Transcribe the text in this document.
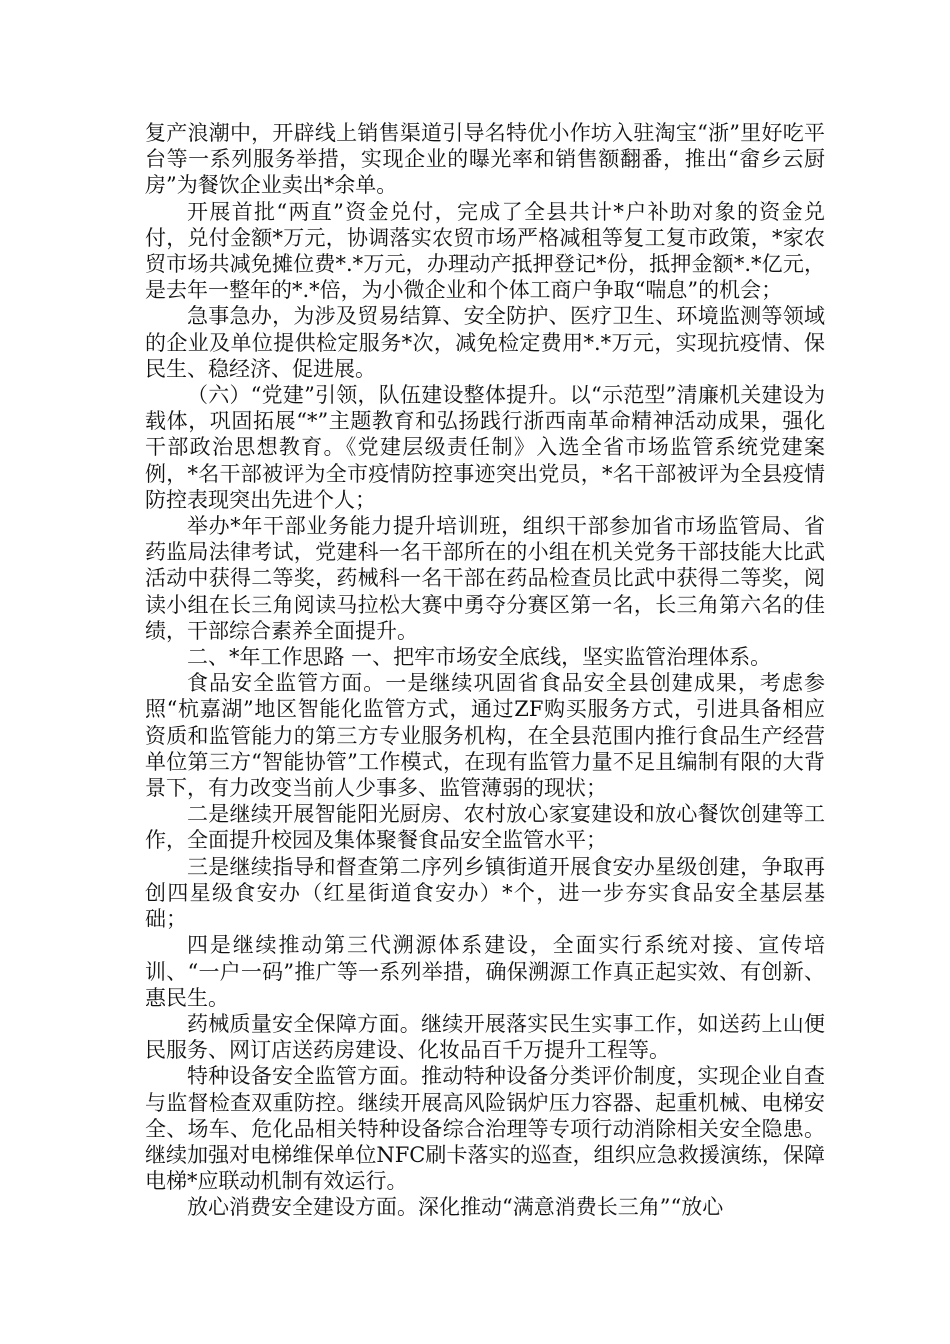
复产浪潮中，开辟线上销售渠道引导名特优小作坊入驻淘宝“浙”里好吃平台等一系列服务举措，实现企业的曝光率和销售额翻番，推出“畲乡云厨房”为餐饮企业卖出*余单。

开展首批“两直”资金兑付，完成了全县共计*户补助对象的资金兑付，兑付金额*万元，协调落实农贸市场严格减租等复工复市政策，*家农贸市场共减免摊位费*.*万元，办理动产抵押登记*份，抵押金额*.*亿元，是去年一整年的*.*倍，为小微企业和个体工商户争取“喘息”的机会；

急事急办，为涉及贸易结算、安全防护、医疗卫生、环境监测等领域的企业及单位提供检定服务*次，减免检定费用*.*万元，实现抗疫情、保民生、稳经济、促进展。

（六）“党建”引领，队伍建设整体提升。以“示范型”清廉机关建设为载体，巩固拓展“*”主题教育和弘扬践行浙西南革命精神活动成果，强化干部政治思想教育。《党建层级责任制》入选全省市场监管系统党建案例，*名干部被评为全市疫情防控事迹突出党员，*名干部被评为全县疫情防控表现突出先进个人；

举办*年干部业务能力提升培训班，组织干部参加省市场监管局、省药监局法律考试，党建科一名干部所在的小组在机关党务干部技能大比武活动中获得二等奖，药械科一名干部在药品检查员比武中获得二等奖，阅读小组在长三角阅读马拉松大赛中勇夺分赛区第一名，长三角第六名的佳绩，干部综合素养全面提升。

二、*年工作思路 一、把牢市场安全底线，坚实监管治理体系。

食品安全监管方面。一是继续巩固省食品安全县创建成果，考虑参照“杭嘉湖”地区智能化监管方式，通过ZF购买服务方式，引进具备相应资质和监管能力的第三方专业服务机构，在全县范围内推行食品生产经营单位第三方“智能协管”工作模式，在现有监管力量不足且编制有限的大背景下，有力改变当前人少事多、监管薄弱的现状；

二是继续开展智能阳光厨房、农村放心家宴建设和放心餐饮创建等工作，全面提升校园及集体聚餐食品安全监管水平；

三是继续指导和督查第二序列乡镇街道开展食安办星级创建，争取再创四星级食安办（红星街道食安办）*个，进一步夯实食品安全基层基础；

四是继续推动第三代溯源体系建设，全面实行系统对接、宣传培训、“一户一码”推广等一系列举措，确保溯源工作真正起实效、有创新、惠民生。

药械质量安全保障方面。继续开展落实民生实事工作，如送药上山便民服务、网订店送药房建设、化妆品百千万提升工程等。

特种设备安全监管方面。推动特种设备分类评价制度，实现企业自查与监督检查双重防控。继续开展高风险锅炉压力容器、起重机械、电梯安全、场车、危化品相关特种设备综合治理等专项行动消除相关安全隐患。继续加强对电梯维保单位NFC刷卡落实的巡查，组织应急救援演练，保障电梯*应联动机制有效运行。

放心消费安全建设方面。深化推动“满意消费长三角”“放心
